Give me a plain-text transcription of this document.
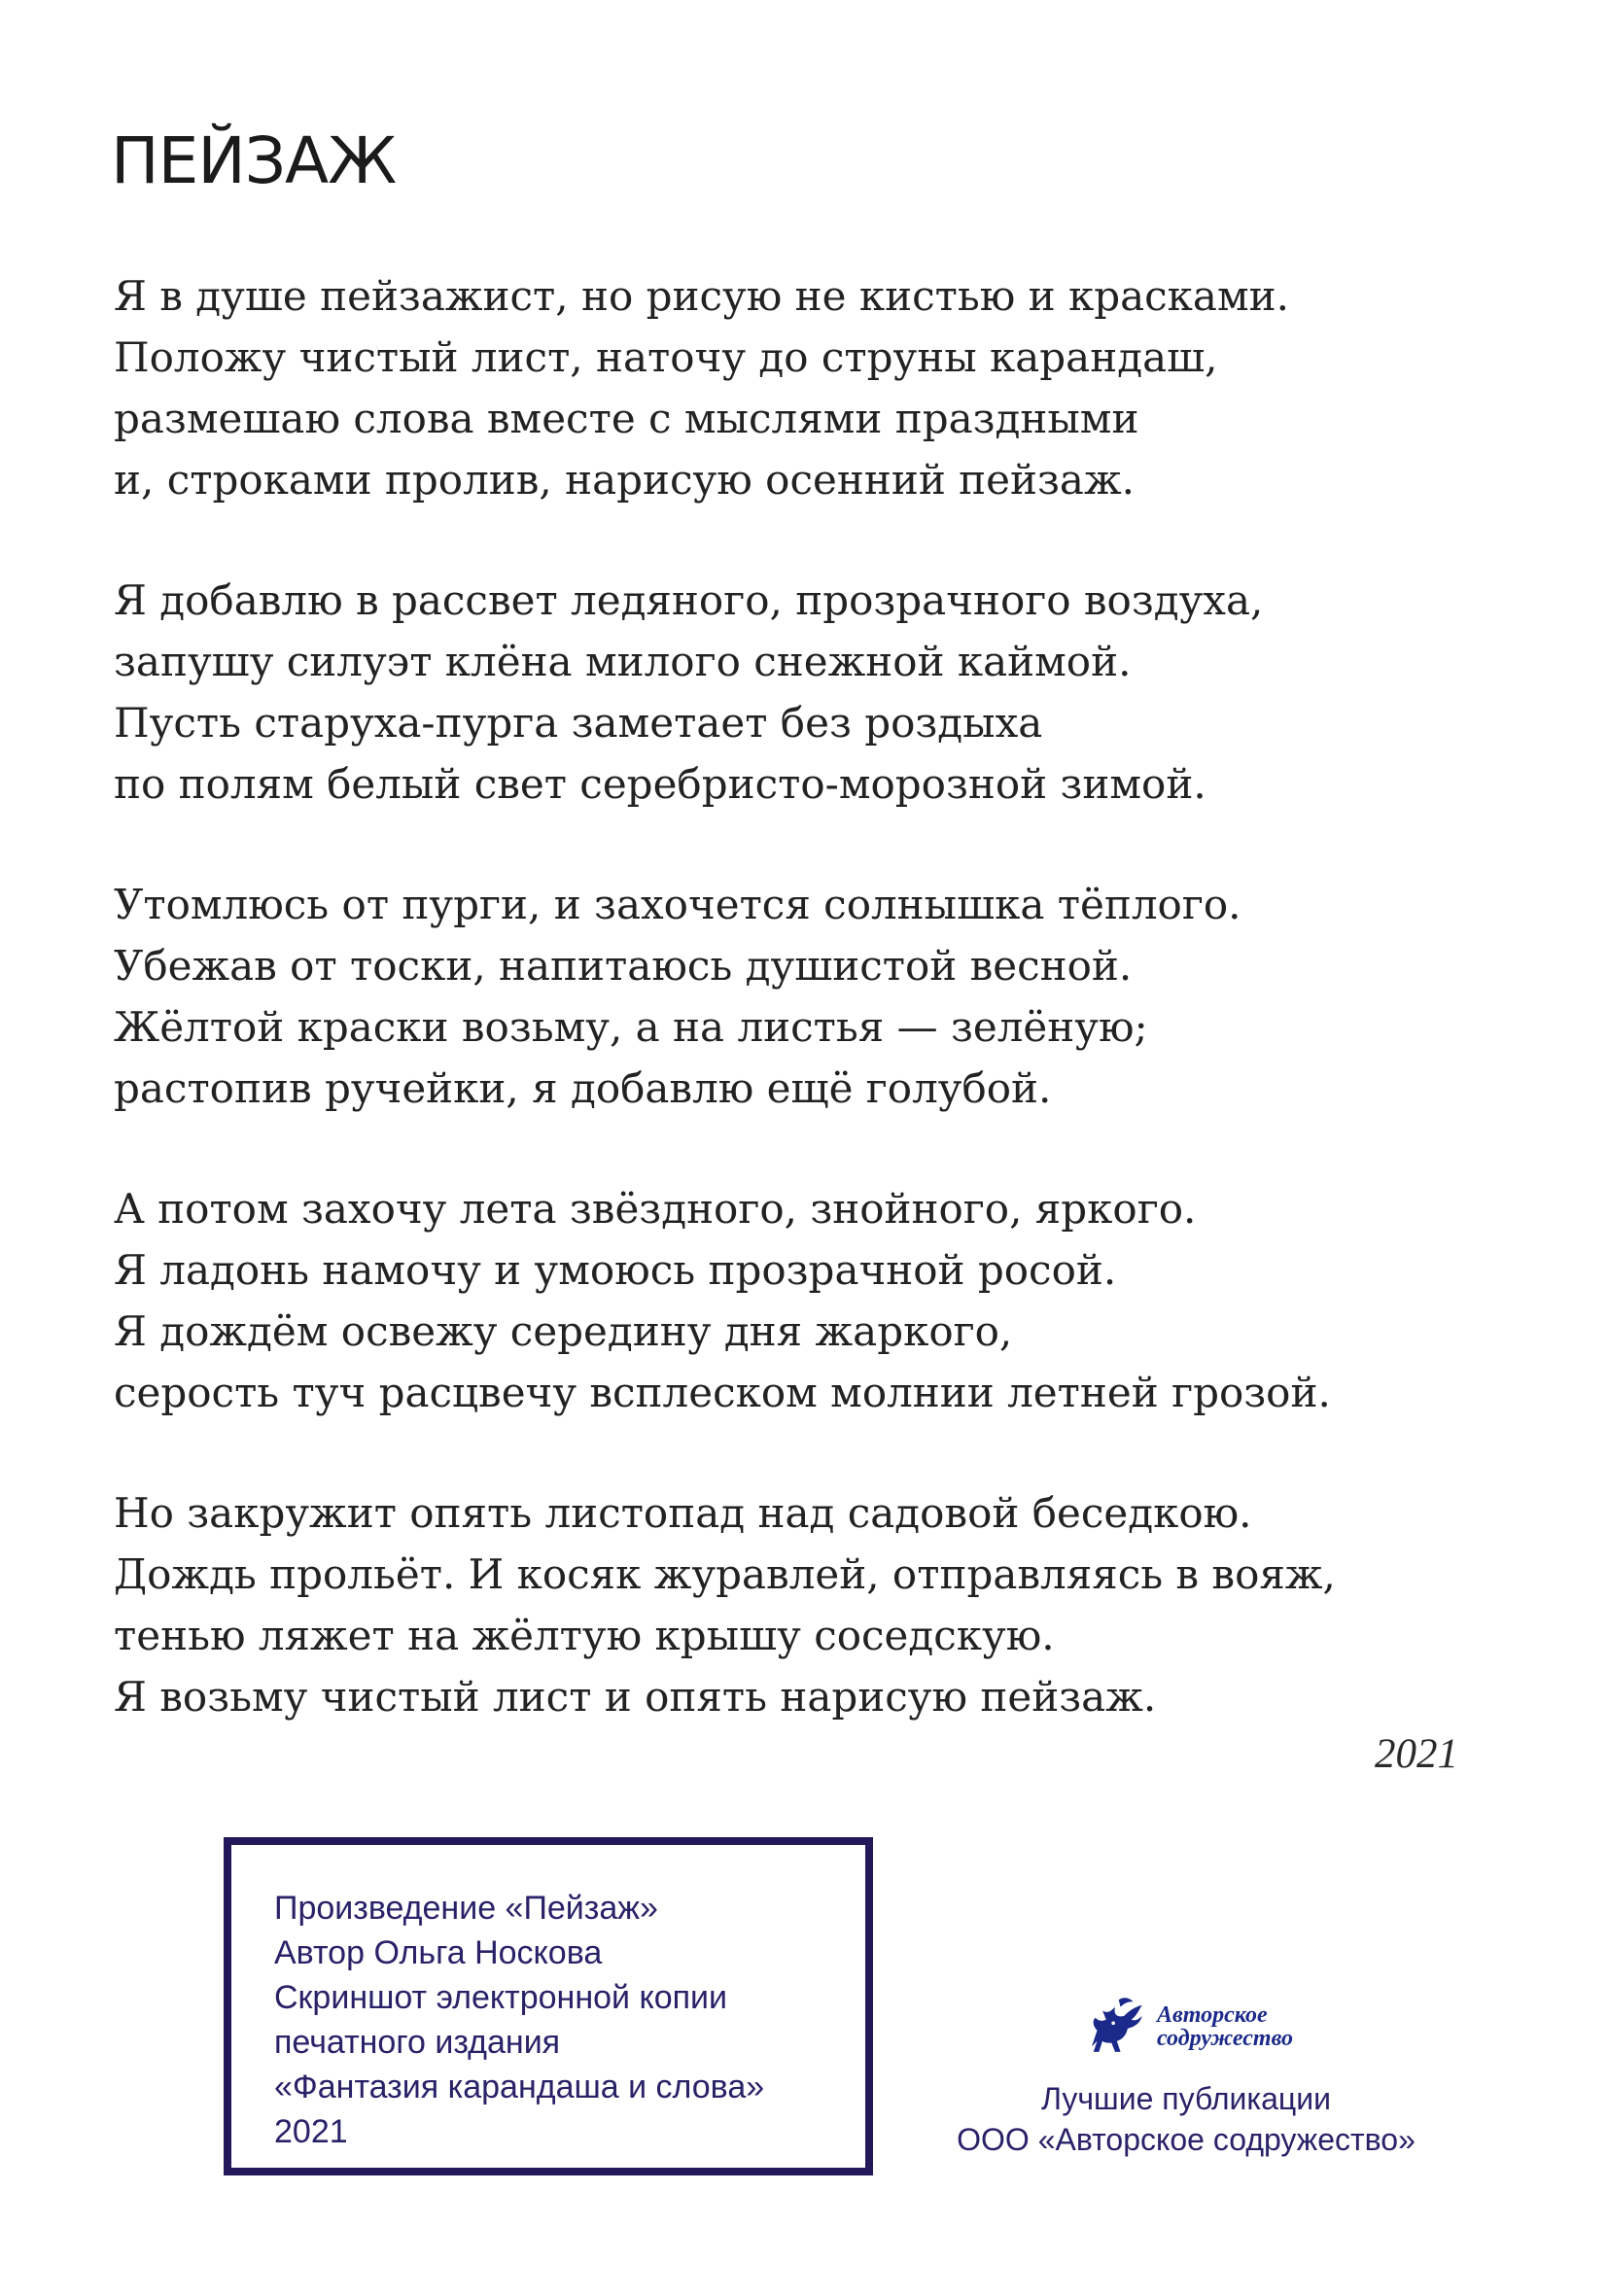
ПЕЙЗАЖ
Я в душе пейзажист, но рисую не кистью и красками.
Положу чистый лист, наточу до струны карандаш,
размешаю слова вместе с мыслями праздными
и, строками пролив, нарисую осенний пейзаж.
Я добавлю в рассвет ледяного, прозрачного воздуха,
запушу силуэт клёна милого снежной каймой.
Пусть старуха-пурга заметает без роздыха
по полям белый свет серебристо-морозной зимой.
Утомлюсь от пурги, и захочется солнышка тёплого.
Убежав от тоски, напитаюсь душистой весной.
Жёлтой краски возьму, а на листья — зелёную;
растопив ручейки, я добавлю ещё голубой.
А потом захочу лета звёздного, знойного, яркого.
Я ладонь намочу и умоюсь прозрачной росой.
Я дождём освежу середину дня жаркого,
серость туч расцвечу всплеском молнии летней грозой.
Но закружит опять листопад над садовой беседкою.
Дождь прольёт. И косяк журавлей, отправляясь в вояж,
тенью ляжет на жёлтую крышу соседскую.
Я возьму чистый лист и опять нарисую пейзаж.
2021
Произведение «Пейзаж»
Автор Ольга Носкова
Скриншот электронной копии
печатного издания
«Фантазия карандаша и слова»
2021
Авторское
содружество
Лучшие публикации
ООО «Авторское содружество»
